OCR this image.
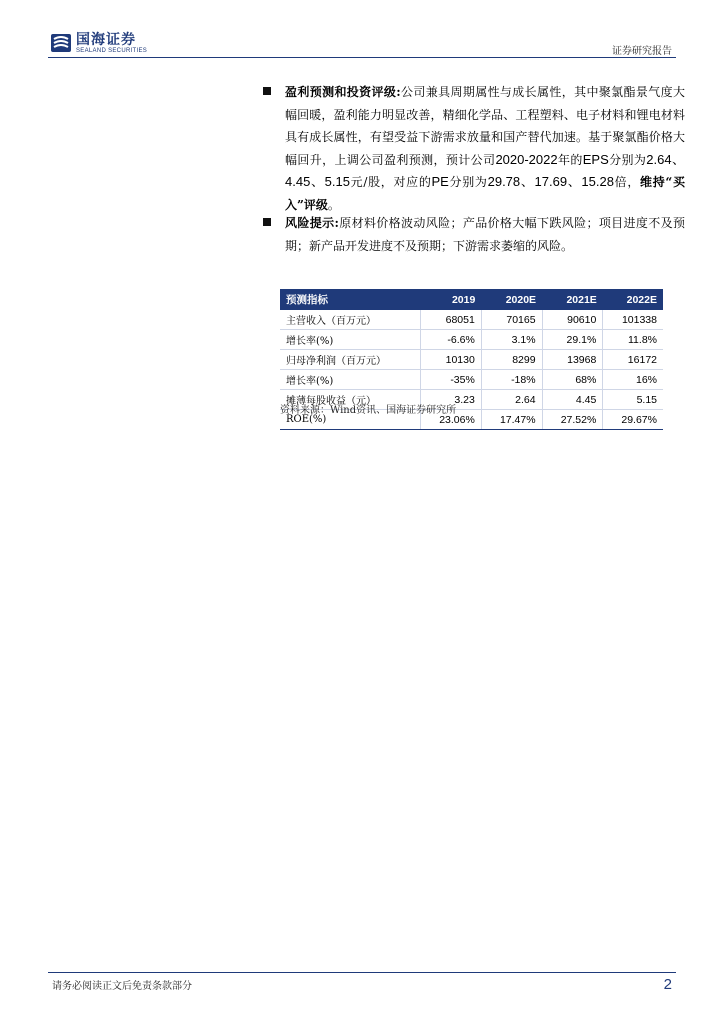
国海证券
SEALAND SECURITIES	证券研究报告
盈利预测和投资评级:公司兼具周期属性与成长属性，其中聚氯酯景气度大幅回暖，盈利能力明显改善，精细化学品、工程塑料、电子材料和锂电材料具有成长属性，有望受益下游需求放量和国产替代加速。基于聚氯酯价格大幅回升，上调公司盈利预测，预计公司2020-2022年的EPS分别为2.64、4.45、5.15元/股，对应的PE分别为29.78、17.69、15.28倍，维持“买入”评级。
风险提示:原材料价格波动风险；产品价格大幅下跌风险；项目进度不及预期；新产品开发进度不及预期；下游需求萎缩的风险。
预测指标	2019	2020E	2021E	2022E
主营收入（百万元）	68051	70165	90610	101338
增长率(%)	-6.6%	3.1%	29.1%	11.8%
归母净利润（百万元）	10130	8299	13968	16172
增长率(%)	-35%	-18%	68%	16%
摊薄每股收益（元）	3.23	2.64	4.45	5.15
ROE(%)	23.06%	17.47%	27.52%	29.67%
资料来源：Wind资讯、国海证券研究所
请务必阅读正文后免责条款部分	2
